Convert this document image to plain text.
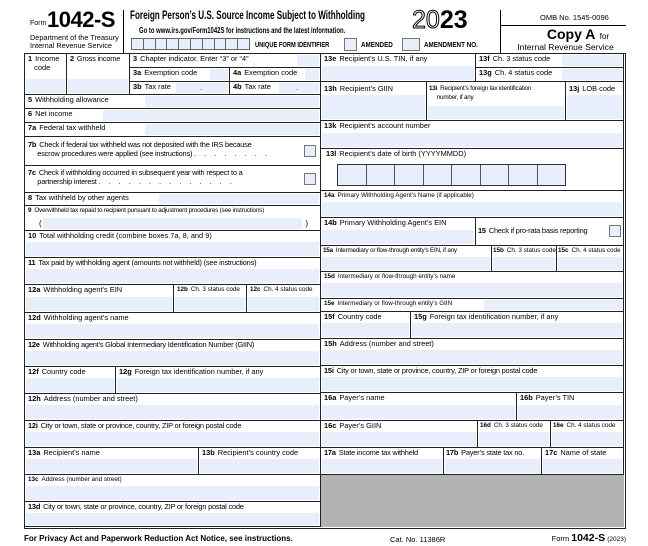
Form 1042-S
Department of the Treasury
Internal Revenue Service
Foreign Person’s U.S. Source Income Subject to Withholding
Go to www.irs.gov/Form1042S for instructions and the latest information.
UNIQUE FORM IDENTIFIER	AMENDED	AMENDMENT NO.
2023	OMB No. 1545-0096
Copy A for
Internal Revenue Service
1 Income
code
2 Gross income	3 Chapter indicator. Enter “3” or “4”
3a Exemption code	4a Exemption code
3b Tax rate	.	4b Tax rate	.
5 Withholding allowance
6 Net income
7a Federal tax withheld
7b Check if federal tax withheld was not deposited with the IRS because
escrow procedures were applied (see instructions) . . . . . . . .
7c Check if withholding occurred in subsequent year with respect to a
partnership interest . . . . . . . . . . . . . .
8 Tax withheld by other agents
9 Overwithheld tax repaid to recipient pursuant to adjustment procedures (see instructions)
(	)
10 Total withholding credit (combine boxes 7a, 8, and 9)
11 Tax paid by withholding agent (amounts not withheld) (see instructions)
12a Withholding agent’s EIN	12b Ch. 3 status code	12c Ch. 4 status code
12d Withholding agent’s name
12e Withholding agent’s Global Intermediary Identification Number (GIIN)
12f Country code	12g Foreign tax identification number, if any
12h Address (number and street)
12i City or town, state or province, country, ZIP or foreign postal code
13a Recipient’s name	13b Recipient’s country code
13c Address (number and street)
13d City or town, state or province, country, ZIP or foreign postal code
13e Recipient’s U.S. TIN, if any	13f Ch. 3 status code
13g Ch. 4 status code
13h Recipient’s GIIN	13i Recipient’s foreign tax identification
number, if any
13j LOB code
13k Recipient’s account number
13l Recipient’s date of birth (YYYYMMDD)
14a Primary Withholding Agent’s Name (if applicable)
14b Primary Withholding Agent’s EIN
15 Check if pro-rata basis reporting
15a Intermediary or flow-through entity’s EIN, if any	15b Ch. 3 status code 15c Ch. 4 status code
15d Intermediary or flow-through entity’s name
15e Intermediary or flow-through entity’s GIIN
15f Country code	15g Foreign tax identification number, if any
15h Address (number and street)
15i City or town, state or province, country, ZIP or foreign postal code
16a Payer’s name	16b Payer’s TIN
16c Payer’s GIIN	16d Ch. 3 status code	16e Ch. 4 status code
17a State income tax withheld	17b Payer’s state tax no.	17c Name of state
For Privacy Act and Paperwork Reduction Act Notice, see instructions.	Cat. No. 11386R	Form 1042-S (2023)
